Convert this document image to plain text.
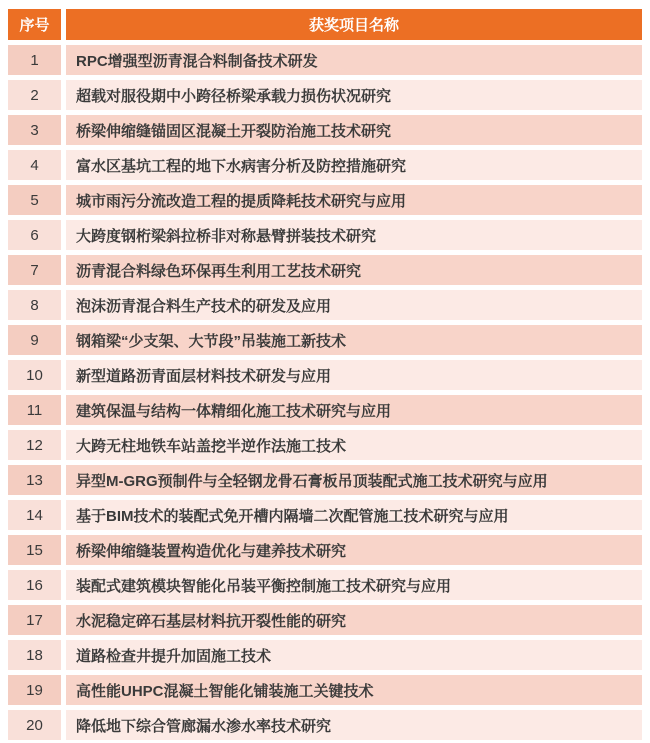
序号	获奖项目名称
1	RPC增强型沥青混合料制备技术研发
2	超载对服役期中小跨径桥梁承载力损伤状况研究
3	桥梁伸缩缝锚固区混凝土开裂防治施工技术研究
4	富水区基坑工程的地下水病害分析及防控措施研究
5	城市雨污分流改造工程的提质降耗技术研究与应用
6	大跨度钢桁梁斜拉桥非对称悬臂拼装技术研究
7	沥青混合料绿色环保再生利用工艺技术研究
8	泡沫沥青混合料生产技术的研发及应用
9	钢箱梁“少支架、大节段”吊装施工新技术
10	新型道路沥青面层材料技术研发与应用
11	建筑保温与结构一体精细化施工技术研究与应用
12	大跨无柱地铁车站盖挖半逆作法施工技术
13	异型M-GRG预制件与全轻钢龙骨石膏板吊顶装配式施工技术研究与应用
14	基于BIM技术的装配式免开槽内隔墙二次配管施工技术研究与应用
15	桥梁伸缩缝装置构造优化与建养技术研究
16	装配式建筑模块智能化吊装平衡控制施工技术研究与应用
17	水泥稳定碎石基层材料抗开裂性能的研究
18	道路检查井提升加固施工技术
19	高性能UHPC混凝土智能化铺装施工关键技术
20	降低地下综合管廊漏水渗水率技术研究
